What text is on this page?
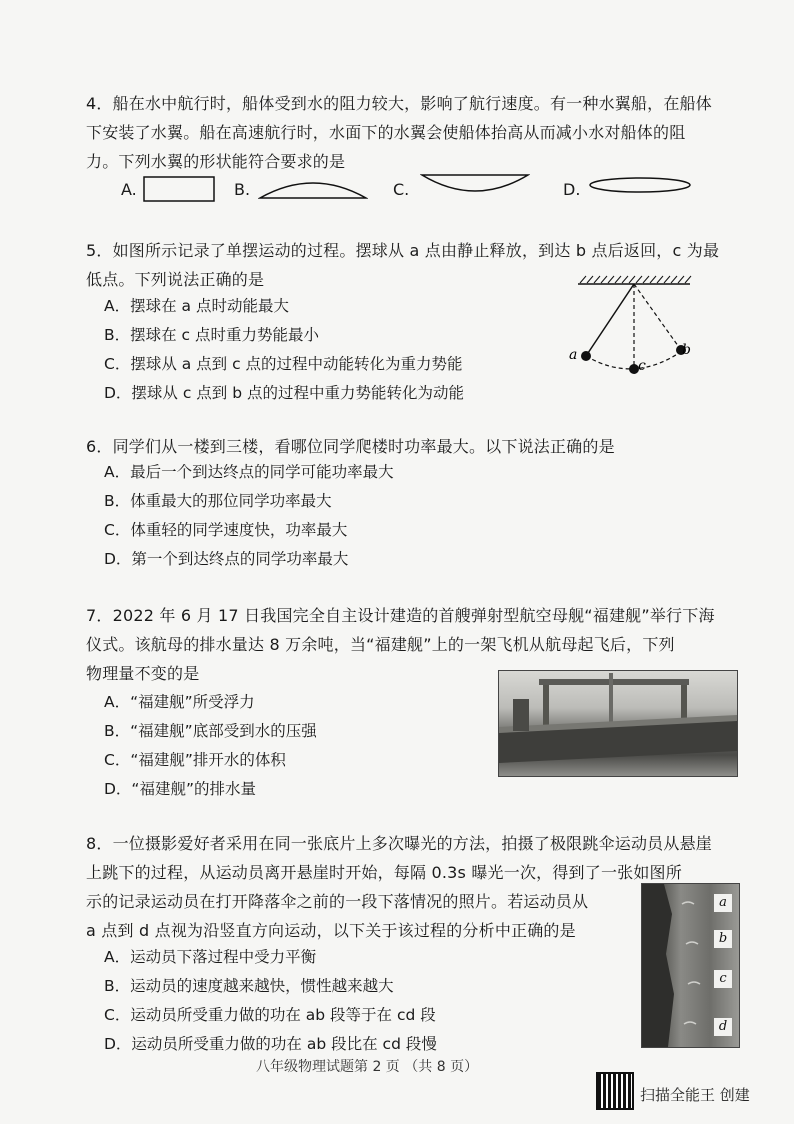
4．船在水中航行时，船体受到水的阻力较大，影响了航行速度。有一种水翼船，在船体
下安装了水翼。船在高速航行时，水面下的水翼会使船体抬高从而减小水对船体的阻
力。下列水翼的形状能符合要求的是
A.	B.	C.	D.
5．如图所示记录了单摆运动的过程。摆球从 a 点由静止释放，到达 b 点后返回，c 为最
低点。下列说法正确的是
A．摆球在 a 点时动能最大
B．摆球在 c 点时重力势能最小
C．摆球从 a 点到 c 点的过程中动能转化为重力势能
D．摆球从 c 点到 b 点的过程中重力势能转化为动能
a
c
b
6．同学们从一楼到三楼，看哪位同学爬楼时功率最大。以下说法正确的是
A．最后一个到达终点的同学可能功率最大
B．体重最大的那位同学功率最大
C．体重轻的同学速度快，功率最大
D．第一个到达终点的同学功率最大
7．2022 年 6 月 17 日我国完全自主设计建造的首艘弹射型航空母舰“福建舰”举行下海
仪式。该航母的排水量达 8 万余吨，当“福建舰”上的一架飞机从航母起飞后，下列
物理量不变的是
A．“福建舰”所受浮力
B．“福建舰”底部受到水的压强
C．“福建舰”排开水的体积
D．“福建舰”的排水量
8．一位摄影爱好者采用在同一张底片上多次曝光的方法，拍摄了极限跳伞运动员从悬崖
上跳下的过程，从运动员离开悬崖时开始，每隔 0.3s 曝光一次，得到了一张如图所
示的记录运动员在打开降落伞之前的一段下落情况的照片。若运动员从
a 点到 d 点视为沿竖直方向运动，以下关于该过程的分析中正确的是
A．运动员下落过程中受力平衡
B．运动员的速度越来越快，惯性越来越大
C．运动员所受重力做的功在 ab 段等于在 cd 段
D．运动员所受重力做的功在 ab 段比在 cd 段慢
a
b
c
d
八年级物理试题第 2 页 （共 8 页）
扫描全能王 创建
